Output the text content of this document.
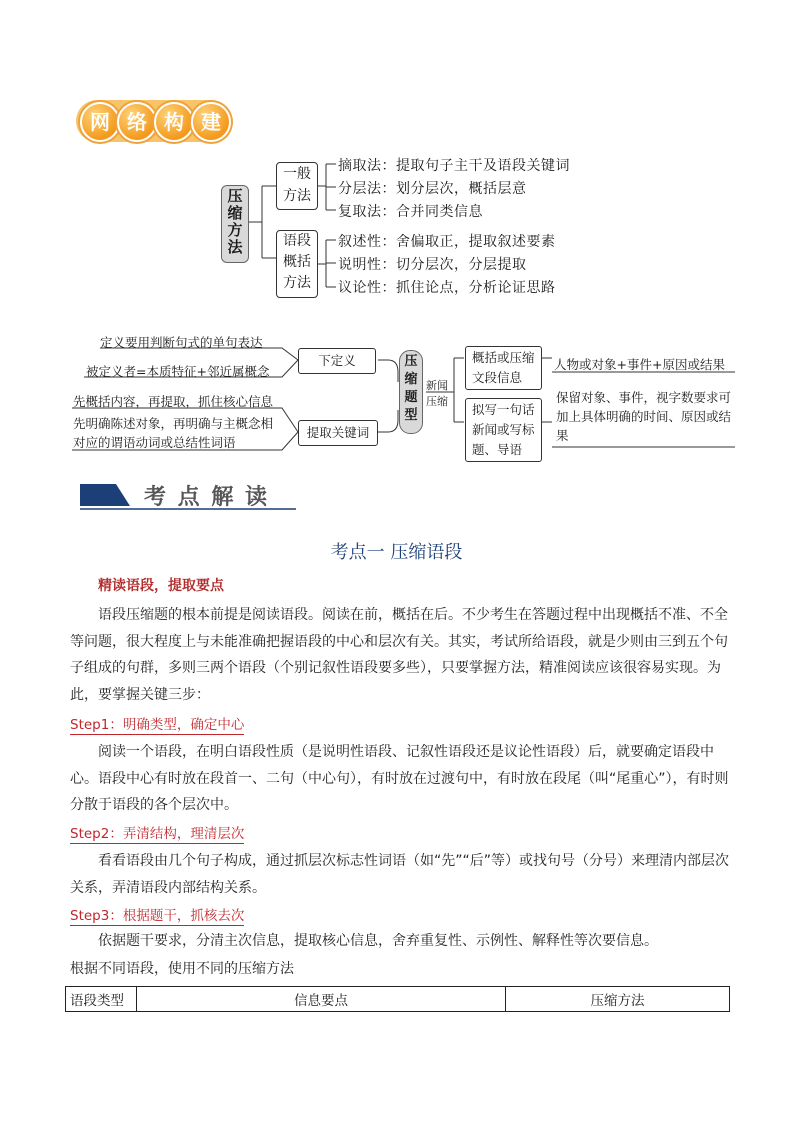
网 络 构 建
压缩方法
一般方法
语段概括方法
摘取法：提取句子主干及语段关键词
分层法：划分层次，概括层意
复取法：合并同类信息
叙述性：舍偏取正，提取叙述要素
说明性：切分层次，分层提取
议论性：抓住论点，分析论证思路
定义要用判断句式的单句表达
被定义者=本质特征+邻近属概念
先概括内容，再提取，抓住核心信息
先明确陈述对象，再明确与主概念相对应的谓语动词或总结性词语
下定义
提取关键词
压缩题型
新闻压缩
概括或压缩文段信息
拟写一句话新闻或写标题、导语
人物或对象+事件+原因或结果
保留对象、事件，视字数要求可加上具体明确的时间、原因或结果
考 点 解 读
考点一 压缩语段
精读语段，提取要点
语段压缩题的根本前提是阅读语段。阅读在前，概括在后。不少考生在答题过程中出现概括不准、不全等问题，很大程度上与未能准确把握语段的中心和层次有关。其实，考试所给语段，就是少则由三到五个句子组成的句群，多则三两个语段（个别记叙性语段要多些），只要掌握方法，精准阅读应该很容易实现。为此，要掌握关键三步：
Step1：明确类型，确定中心
阅读一个语段，在明白语段性质（是说明性语段、记叙性语段还是议论性语段）后，就要确定语段中心。语段中心有时放在段首一、二句（中心句），有时放在过渡句中，有时放在段尾（叫“尾重心”），有时则分散于语段的各个层次中。
Step2：弄清结构，理清层次
看看语段由几个句子构成，通过抓层次标志性词语（如“先”“后”等）或找句号（分号）来理清内部层次关系，弄清语段内部结构关系。
Step3：根据题干，抓核去次
依据题干要求，分清主次信息，提取核心信息，舍弃重复性、示例性、解释性等次要信息。
根据不同语段，使用不同的压缩方法
语段类型	信息要点	压缩方法
